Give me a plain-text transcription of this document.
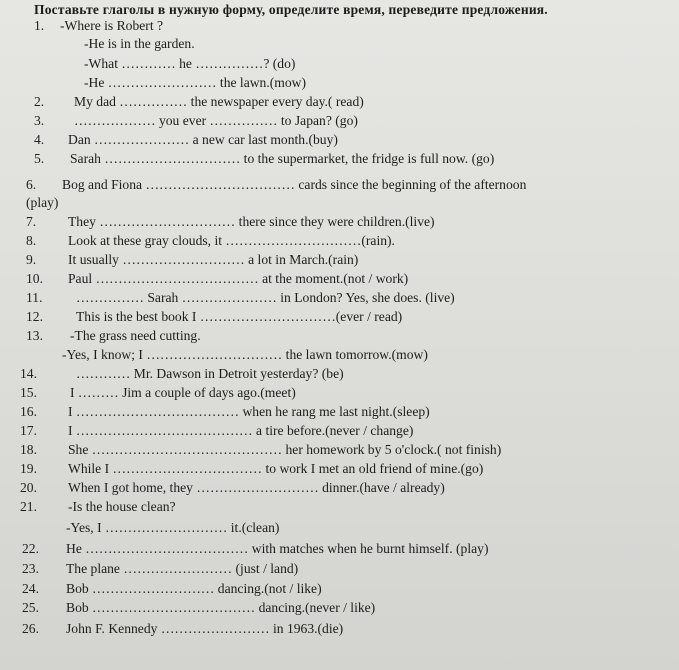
Поставьте глаголы в нужную форму, определите время, переведите предложения.
1. -Where is Robert ?
-He is in the garden.
-What ………… he ……………? (do)
-He …………………… the lawn.(mow)
2. My dad …………… the newspaper every day.( read)
3. ……………… you ever …………… to Japan? (go)
4. Dan ………………… a new car last month.(buy)
5. Sarah ………………………… to the supermarket, the fridge is full now. (go)
6. Bog and Fiona …………………………… cards since the beginning of the afternoon
(play)
7. They ………………………… there since they were children.(live)
8. Look at these gray clouds, it …………………………(rain).
9. It usually ……………………… a lot in March.(rain)
10. Paul ……………………………… at the moment.(not / work)
11. …………… Sarah ………………… in London? Yes, she does. (live)
12. This is the best book I …………………………(ever / read)
13. -The grass need cutting.
-Yes, I know; I ………………………… the lawn tomorrow.(mow)
14.	………… Mr. Dawson in Detroit yesterday? (be)
15. I ……… Jim a couple of days ago.(meet)
16. I ……………………………… when he rang me last night.(sleep)
17. I ………………………………… a tire before.(never / change)
18. She …………………………………… her homework by 5 o'clock.( not finish)
19. While I …………………………… to work I met an old friend of mine.(go)
20. When I got home, they ……………………… dinner.(have / already)
21. -Is the house clean?
-Yes, I ……………………… it.(clean)
22. He ……………………………… with matches when he burnt himself. (play)
23. The plane …………………… (just / land)
24. Bob ……………………… dancing.(not / like)
25. Bob ……………………………… dancing.(never / like)
26. John F. Kennedy …………………… in 1963.(die)
